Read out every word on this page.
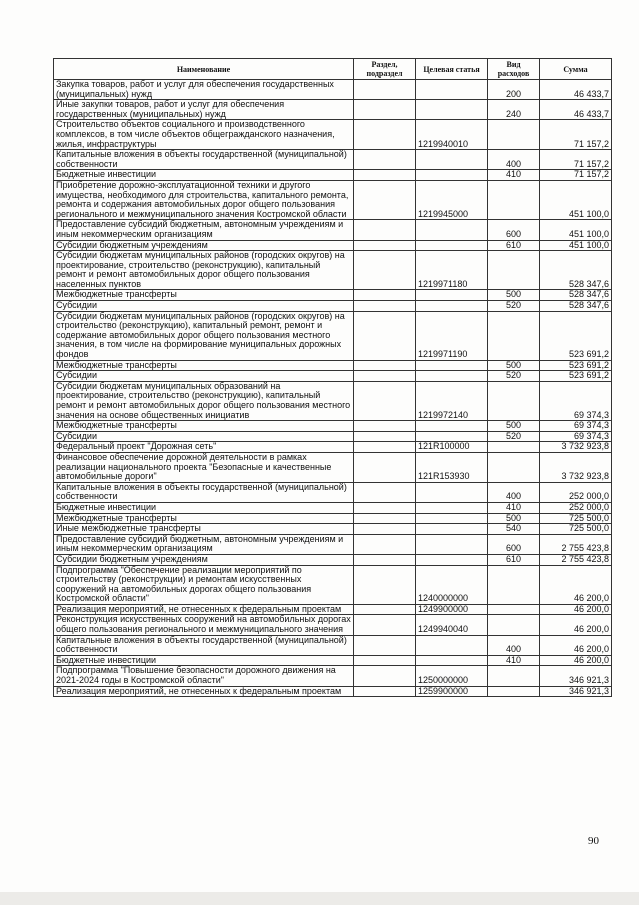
Наименование	Раздел, подраздел	Целевая статья	Вид расходов	Сумма
Закупка товаров, работ и услуг для обеспечения государственных (муниципальных) нужд			200	46 433,7
Иные закупки товаров, работ и услуг для обеспечения государственных (муниципальных) нужд			240	46 433,7
Строительство объектов социального и производственного комплексов, в том числе объектов общегражданского назначения, жилья, инфраструктуры		1219940010		71 157,2
Капитальные вложения в объекты государственной (муниципальной) собственности			400	71 157,2
Бюджетные инвестиции			410	71 157,2
Приобретение дорожно-эксплуатационной техники и другого имущества, необходимого для строительства, капитального ремонта, ремонта и содержания автомобильных дорог общего пользования регионального и межмуниципального значения Костромской области		1219945000		451 100,0
Предоставление субсидий бюджетным, автономным учреждениям и иным некоммерческим организациям			600	451 100,0
Субсидии бюджетным учреждениям			610	451 100,0
Субсидии бюджетам муниципальных районов (городских округов) на проектирование, строительство (реконструкцию), капитальный ремонт и ремонт автомобильных дорог общего пользования населенных пунктов		1219971180		528 347,6
Межбюджетные трансферты			500	528 347,6
Субсидии			520	528 347,6
Субсидии бюджетам муниципальных районов (городских округов) на строительство (реконструкцию), капитальный ремонт, ремонт и содержание автомобильных дорог общего пользования местного значения, в том числе на формирование муниципальных дорожных фондов		1219971190		523 691,2
Межбюджетные трансферты			500	523 691,2
Субсидии			520	523 691,2
Субсидии бюджетам муниципальных образований на проектирование, строительство (реконструкцию), капитальный ремонт и ремонт автомобильных дорог общего пользования местного значения на основе общественных инициатив		1219972140		69 374,3
Межбюджетные трансферты			500	69 374,3
Субсидии			520	69 374,3
Федеральный проект "Дорожная сеть"		121R100000		3 732 923,8
Финансовое обеспечение дорожной деятельности в рамках реализации национального проекта "Безопасные и качественные автомобильные дороги"		121R153930		3 732 923,8
Капитальные вложения в объекты государственной (муниципальной) собственности			400	252 000,0
Бюджетные инвестиции			410	252 000,0
Межбюджетные трансферты			500	725 500,0
Иные межбюджетные трансферты			540	725 500,0
Предоставление субсидий бюджетным, автономным учреждениям и иным некоммерческим организациям			600	2 755 423,8
Субсидии бюджетным учреждениям			610	2 755 423,8
Подпрограмма "Обеспечение реализации мероприятий по строительству (реконструкции) и ремонтам искусственных сооружений на автомобильных дорогах общего пользования Костромской области"		1240000000		46 200,0
Реализация мероприятий, не отнесенных к федеральным проектам		1249900000		46 200,0
Реконструкция искусственных сооружений на автомобильных дорогах общего пользования регионального и межмуниципального значения		1249940040		46 200,0
Капитальные вложения в объекты государственной (муниципальной) собственности			400	46 200,0
Бюджетные инвестиции			410	46 200,0
Подпрограмма "Повышение безопасности дорожного движения на 2021-2024 годы в Костромской области"		1250000000		346 921,3
Реализация мероприятий, не отнесенных к федеральным проектам		1259900000		346 921,3
90
